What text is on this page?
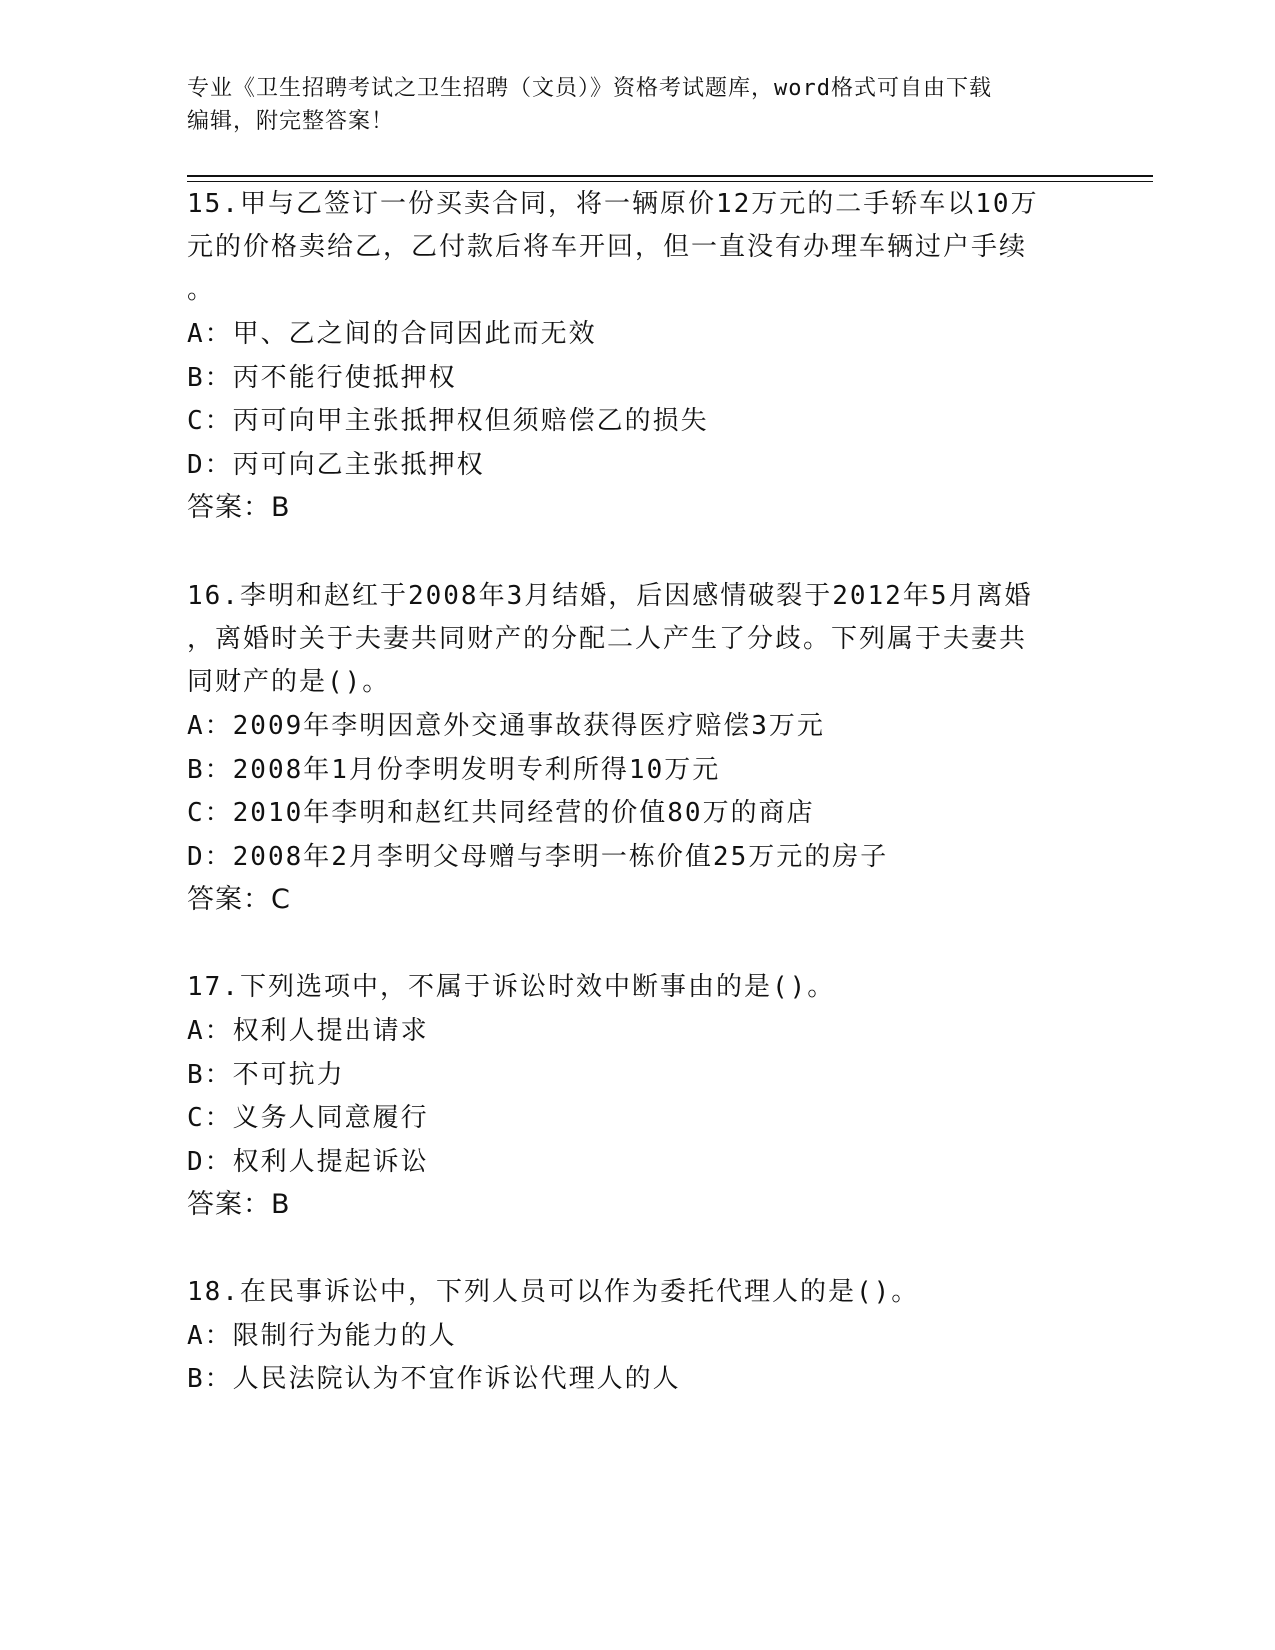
专业《卫生招聘考试之卫生招聘（文员）》资格考试题库，word格式可自由下载
编辑，附完整答案！
15.甲与乙签订一份买卖合同，将一辆原价12万元的二手轿车以10万
元的价格卖给乙，乙付款后将车开回，但一直没有办理车辆过户手续
。
A：甲、乙之间的合同因此而无效
B：丙不能行使抵押权
C：丙可向甲主张抵押权但须赔偿乙的损失
D：丙可向乙主张抵押权
答案：B
16.李明和赵红于2008年3月结婚，后因感情破裂于2012年5月离婚
，离婚时关于夫妻共同财产的分配二人产生了分歧。下列属于夫妻共
同财产的是()。
A：2009年李明因意外交通事故获得医疗赔偿3万元
B：2008年1月份李明发明专利所得10万元
C：2010年李明和赵红共同经营的价值80万的商店
D：2008年2月李明父母赠与李明一栋价值25万元的房子
答案：C
17.下列选项中，不属于诉讼时效中断事由的是()。
A：权利人提出请求
B：不可抗力
C：义务人同意履行
D：权利人提起诉讼
答案：B
18.在民事诉讼中，下列人员可以作为委托代理人的是()。
A：限制行为能力的人
B：人民法院认为不宜作诉讼代理人的人
